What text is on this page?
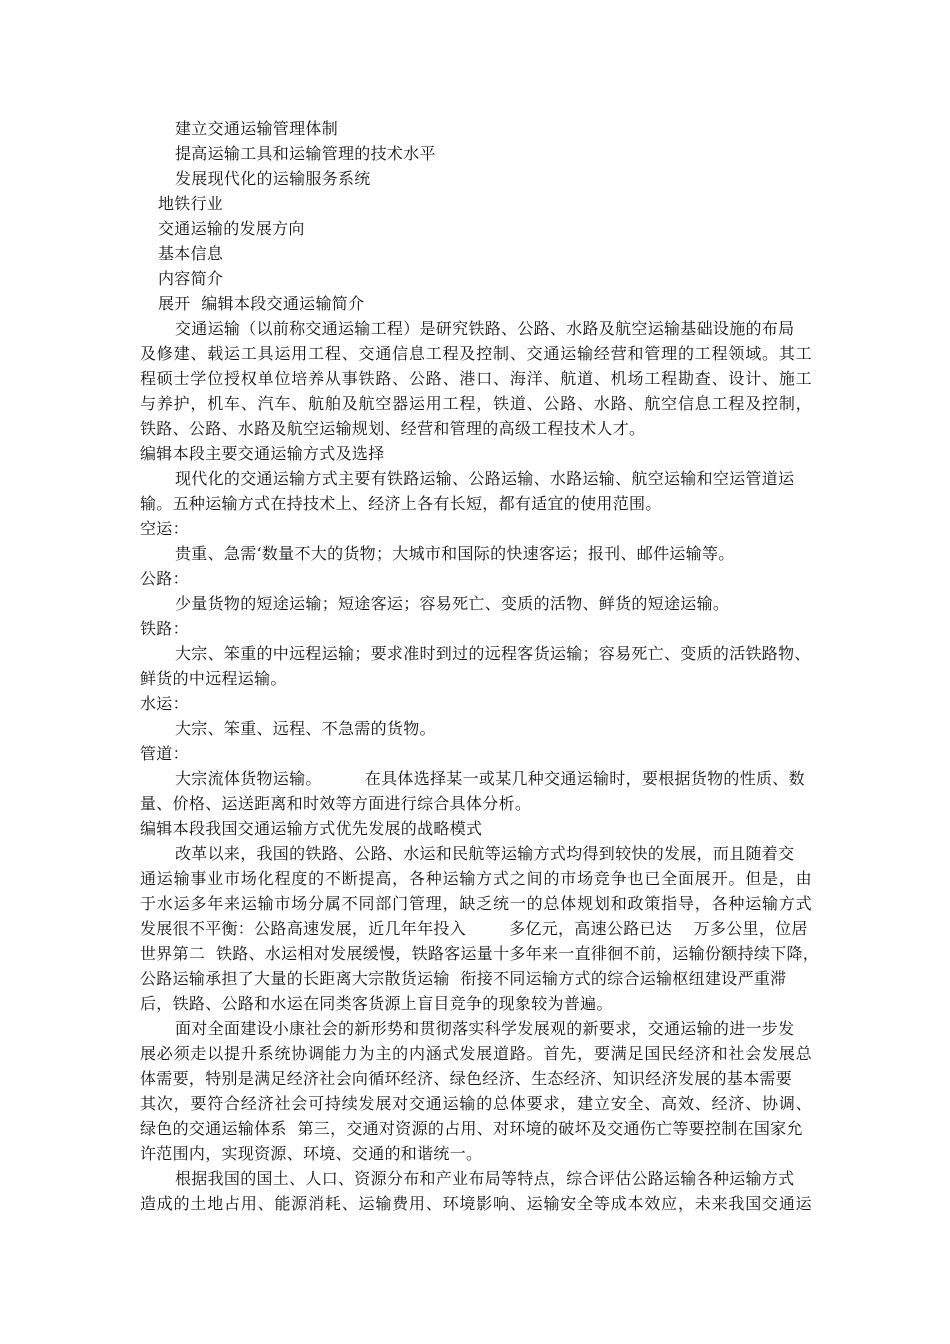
建立交通运输管理体制
提高运输工具和运输管理的技术水平
发展现代化的运输服务系统
地铁行业
交通运输的发展方向
基本信息
内容简介
展开  编辑本段交通运输简介
交通运输（以前称交通运输工程）是研究铁路、公路、水路及航空运输基础设施的布局
及修建、载运工具运用工程、交通信息工程及控制、交通运输经营和管理的工程领域。其工
程硕士学位授权单位培养从事铁路、公路、港口、海洋、航道、机场工程勘查、设计、施工
与养护，机车、汽车、航舶及航空器运用工程，铁道、公路、水路、航空信息工程及控制，
铁路、公路、水路及航空运输规划、经营和管理的高级工程技术人才。
编辑本段主要交通运输方式及选择
现代化的交通运输方式主要有铁路运输、公路运输、水路运输、航空运输和空运管道运
输。五种运输方式在持技术上、经济上各有长短，都有适宜的使用范围。
空运：
贵重、急需‘数量不大的货物；大城市和国际的快速客运；报刊、邮件运输等。
公路：
少量货物的短途运输；短途客运；容易死亡、变质的活物、鲜货的短途运输。
铁路：
大宗、笨重的中远程运输；要求准时到过的远程客货运输；容易死亡、变质的活铁路物、
鲜货的中远程运输。
水运：
大宗、笨重、远程、不急需的货物。
管道：
大宗流体货物运输。        在具体选择某一或某几种交通运输时，要根据货物的性质、数
量、价格、运送距离和时效等方面进行综合具体分析。
编辑本段我国交通运输方式优先发展的战略模式
改革以来，我国的铁路、公路、水运和民航等运输方式均得到较快的发展，而且随着交
通运输事业市场化程度的不断提高，各种运输方式之间的市场竞争也已全面展开。但是，由
于水运多年来运输市场分属不同部门管理，缺乏统一的总体规划和政策指导，各种运输方式
发展很不平衡：公路高速发展，近几年年投入        多亿元，高速公路已达    万多公里，位居
世界第二  铁路、水运相对发展缓慢，铁路客运量十多年来一直徘徊不前，运输份额持续下降，
公路运输承担了大量的长距离大宗散货运输  衔接不同运输方式的综合运输枢纽建设严重滞
后，铁路、公路和水运在同类客货源上盲目竞争的现象较为普遍。
面对全面建设小康社会的新形势和贯彻落实科学发展观的新要求，交通运输的进一步发
展必须走以提升系统协调能力为主的内涵式发展道路。首先，要满足国民经济和社会发展总
体需要，特别是满足经济社会向循环经济、绿色经济、生态经济、知识经济发展的基本需要
其次，要符合经济社会可持续发展对交通运输的总体要求，建立安全、高效、经济、协调、
绿色的交通运输体系  第三，交通对资源的占用、对环境的破坏及交通伤亡等要控制在国家允
许范围内，实现资源、环境、交通的和谐统一。
根据我国的国土、人口、资源分布和产业布局等特点，综合评估公路运输各种运输方式
造成的土地占用、能源消耗、运输费用、环境影响、运输安全等成本效应，未来我国交通运
